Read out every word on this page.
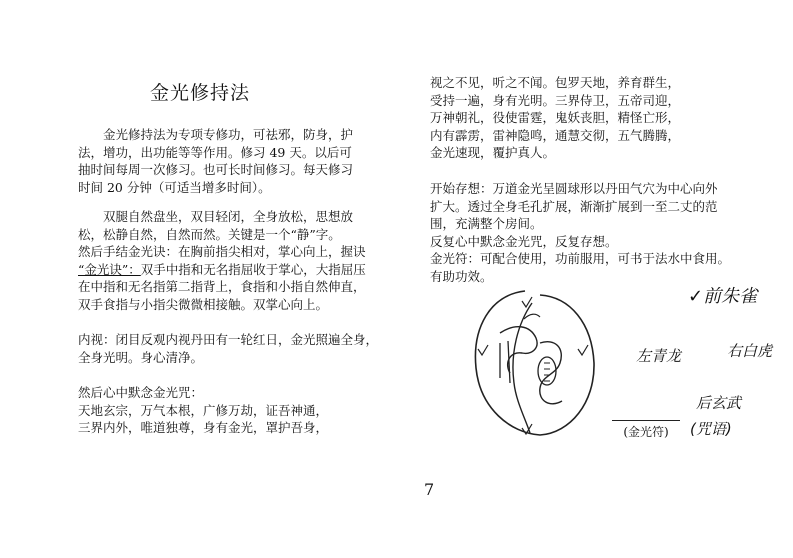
金光修持法

金光修持法为专项专修功，可祛邪，防身，护

法，增功，出功能等等作用。修习 49 天。以后可

抽时间每周一次修习。也可长时间修习。每天修习

时间 20 分钟（可适当增多时间）。

双腿自然盘坐，双目轻闭，全身放松，思想放

松，松静自然，自然而然。关键是一个“静”字。

然后手结金光诀：在胸前指尖相对，掌心向上，握诀

“金光诀”：双手中指和无名指屈收于掌心，大指屈压

在中指和无名指第二指背上，食指和小指自然伸直，

双手食指与小指尖微微相接触。双掌心向上。

内视：闭目反观内视丹田有一轮红日，金光照遍全身，

全身光明。身心清净。

然后心中默念金光咒：

天地玄宗，万气本根，广修万劫，证吾神通，

三界内外，唯道独尊，身有金光，罩护吾身，

视之不见，听之不闻。包罗天地，养育群生，

受持一遍，身有光明。三界侍卫，五帝司迎，

万神朝礼，役使雷霆，鬼妖丧胆，精怪亡形，

内有霹雳，雷神隐鸣，通慧交彻，五气腾腾，

金光速现，覆护真人。

开始存想：万道金光呈圆球形以丹田气穴为中心向外

扩大。透过全身毛孔扩展，渐渐扩展到一至二丈的范

围，充满整个房间。

反复心中默念金光咒，反复存想。

金光符：可配合使用，功前服用，可书于法水中食用。

有助功效。

✓前朱雀
左青龙	右白虎
后玄武
(金光符)	(咒语)
7
